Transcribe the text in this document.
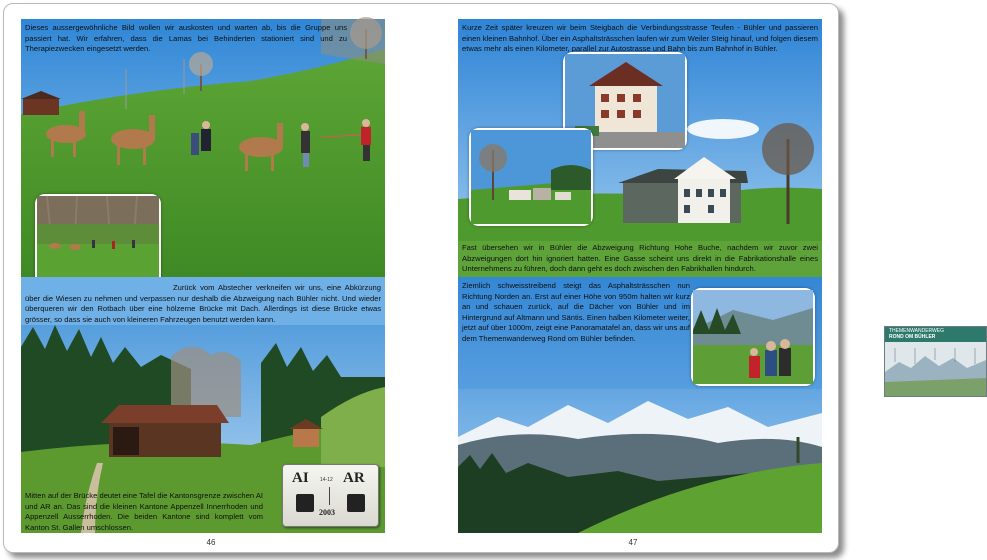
Dieses aussergewöhnliche Bild wollen wir auskosten und warten ab, bis die Gruppe uns passiert hat. Wir erfahren, dass die Lamas bei Behinderten stationiert sind und zu Therapiezwecken eingesetzt werden.
Zurück vom Abstecher verkneifen wir uns, eine Abkürzung über die Wiesen zu nehmen und verpassen nur deshalb die Abzweigung nach Bühler nicht. Und wieder überqueren wir den Rotbach über eine hölzerne Brücke mit Dach. Allerdings ist diese Brücke etwas grösser, so dass sie auch von kleineren Fahrzeugen benutzt werden kann.
Mitten auf der Brücke deutet eine Tafel die Kantonsgrenze zwischen AI und AR an. Das sind die kleinen Kantone Appenzell Innerrhoden und Appenzell Ausserrhoden. Die beiden Kantone sind komplett vom Kanton St. Gallen umschlossen.
AI AR
14-12
2003
46
Kurze Zeit später kreuzen wir beim Steigbach die Verbindungsstrasse Teufen - Bühler und passieren einen kleinen Bahnhof. Über ein Asphaltsträsschen laufen wir zum Weiler Steig hinauf, und folgen diesem etwas mehr als einen Kilometer, parallel zur Autostrasse und Bahn bis zum Bahnhof in Bühler.
Fast übersehen wir in Bühler die Abzweigung Richtung Hohe Buche, nachdem wir zuvor zwei Abzweigungen dort hin ignoriert hatten. Eine Gasse scheint uns direkt in die Fabrikationshalle eines Unternehmens zu führen, doch dann geht es doch zwischen den Fabrikhallen hindurch.
Ziemlich schweisstreibend steigt das Asphaltsträsschen nun Richtung Norden an. Erst auf einer Höhe von 950m halten wir kurz an und schauen zurück, auf die Dächer von Bühler und im Hintergrund auf Altmann und Säntis. Einen halben Kilometer weiter, jetzt auf über 1000m, zeigt eine Panoramatafel an, dass wir uns auf dem Themenwanderweg Rond om Bühler befinden.
THEMENWANDERWEG
ROND OM BÜHLER
47
